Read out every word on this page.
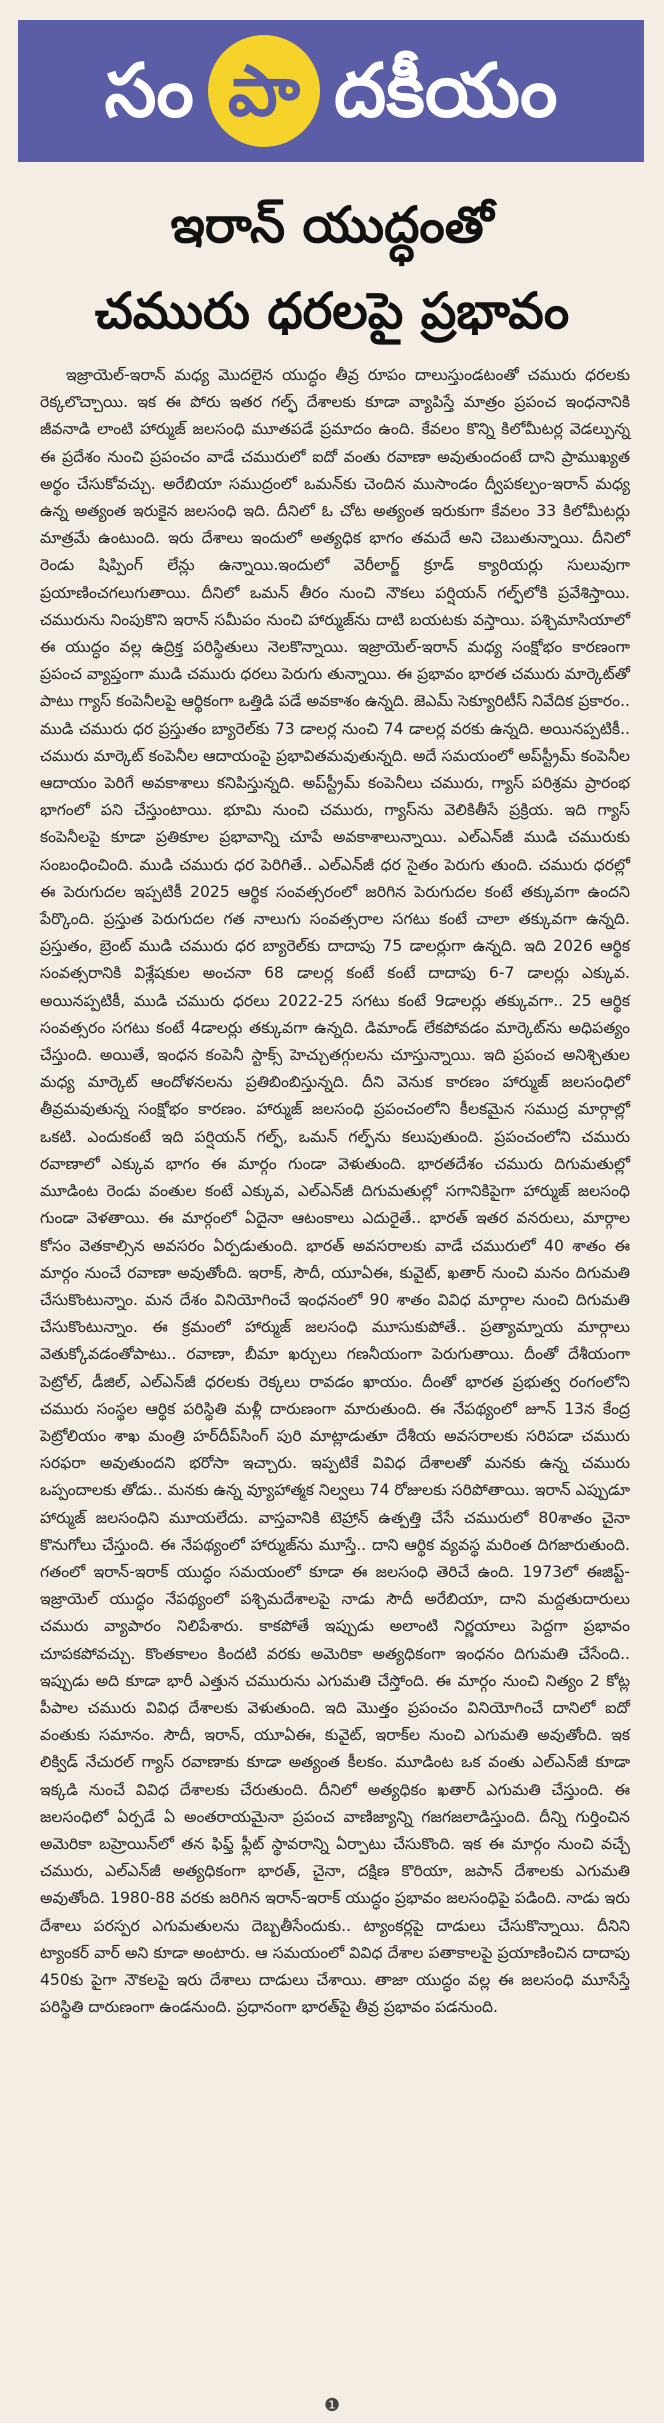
సం పా దకీయం
ఇరాన్ యుద్ధంతో
చమురు ధరలపై ప్రభావం

ఇజ్రాయెల్-ఇరాన్ మధ్య మొదలైన యుద్ధం తీవ్ర రూపం దాలుస్తుండటంతో చమురు ధరలకు రెక్కలొచ్చాయి. ఇక ఈ పోరు ఇతర గల్ఫ్ దేశాలకు కూడా వ్యాపిస్తే మాత్రం ప్రపంచ ఇంధనానికి జీవనాడి లాంటి హార్ముజ్ జలసంధి మూతపడే ప్రమాదం ఉంది. కేవలం కొన్ని కిలోమీటర్ల వెడల్పున్న ఈ ప్రదేశం నుంచి ప్రపంచం వాడే చమురులో ఐదో వంతు రవాణా అవుతుందంటే దాని ప్రాముఖ్యత అర్థం చేసుకోవచ్చు. అరేబియా సముద్రంలో ఒమన్‌కు చెందిన ముసాండం ద్వీపకల్పం-ఇరాన్ మధ్య ఉన్న అత్యంత ఇరుకైన జలసంధి ఇది. దీనిలో ఓ చోట అత్యంత ఇరుకుగా కేవలం 33 కిలోమీటర్లు మాత్రమే ఉంటుంది. ఇరు దేశాలు ఇందులో అత్యధిక భాగం తమదే అని చెబుతున్నాయి. దీనిలో రెండు షిప్పింగ్ లేన్లు ఉన్నాయి.ఇందులో వెరీలార్జ్ క్రూడ్ క్యారియర్లు సులువుగా ప్రయాణించగలుగుతాయి. దీనిలో ఒమన్ తీరం నుంచి నౌకలు పర్షియన్ గల్ఫ్‌లోకి ప్రవేశిస్తాయి. చమురును నింపుకొని ఇరాన్ సమీపం నుంచి హార్ముజ్‌ను దాటి బయటకు వస్తాయి. పశ్చిమాసియాలో ఈ యుద్ధం వల్ల ఉద్రిక్త పరిస్థితులు నెలకొన్నాయి. ఇజ్రాయెల్-ఇరాన్ మధ్య సంక్షోభం కారణంగా ప్రపంచ వ్యాప్తంగా ముడి చమురు ధరలు పెరుగు తున్నాయి. ఈ ప్రభావం భారత చమురు మార్కెట్‌తో పాటు గ్యాస్ కంపెనీలపై ఆర్థికంగా ఒత్తిడి పడే అవకాశం ఉన్నది. జెఎమ్ సెక్యూరిటీస్ నివేదిక ప్రకారం.. ముడి చమురు ధర ప్రస్తుతం బ్యారెల్‌కు 73 డాలర్ల నుంచి 74 డాలర్ల వరకు ఉన్నది. అయినప్పటికీ.. చమురు మార్కెట్ కంపెనీల ఆదాయంపై ప్రభావితమవుతున్నది. అదే సమయంలో అప్‌స్ట్రీమ్ కంపెనీల ఆదాయం పెరిగే అవకాశాలు కనిపిస్తున్నది. అప్‌స్ట్రీమ్ కంపెనీలు చమురు, గ్యాస్ పరిశ్రమ ప్రారంభ భాగంలో పని చేస్తుంటాయి. భూమి నుంచి చమురు, గ్యాస్‌ను వెలికితీసే ప్రక్రియ. ఇది గ్యాస్ కంపెనీలపై కూడా ప్రతికూల ప్రభావాన్ని చూపే అవకాశాలున్నాయి. ఎల్ఎన్‌జీ ముడి చమురుకు సంబంధించింది. ముడి చమురు ధర పెరిగితే.. ఎల్ఎన్‌జీ ధర సైతం పెరుగు తుంది. చమురు ధరల్లో ఈ పెరుగుదల ఇప్పటికీ 2025 ఆర్థిక సంవత్సరంలో జరిగిన పెరుగుదల కంటే తక్కువగా ఉందని పేర్కొంది. ప్రస్తుత పెరుగుదల గత నాలుగు సంవత్సరాల సగటు కంటే చాలా తక్కువగా ఉన్నది. ప్రస్తుతం, బ్రెంట్ ముడి చమురు ధర బ్యారెల్‌కు దాదాపు 75 డాలర్లుగా ఉన్నది. ఇది 2026 ఆర్థిక సంవత్సరానికి విశ్లేషకుల అంచనా 68 డాలర్ల కంటే కంటే దాదాపు 6-7 డాలర్లు ఎక్కువ. అయినప్పటికీ, ముడి చమురు ధరలు 2022-25 సగటు కంటే 9డాలర్లు తక్కువగా.. 25 ఆర్థిక సంవత్సరం సగటు కంటే 4డాలర్లు తక్కువగా ఉన్నది. డిమాండ్ లేకపోవడం మార్కెట్‌ను అధిపత్యం చేస్తుంది. అయితే, ఇంధన కంపెనీ స్టాక్స్ హెచ్చుతగ్గులను చూస్తున్నాయి. ఇది ప్రపంచ అనిశ్చితుల మధ్య మార్కెట్ ఆందోళనలను ప్రతిబింబిస్తున్నది. దీని వెనుక కారణం హార్ముజ్ జలసంధిలో తీవ్రమవుతున్న సంక్షోభం కారణం. హార్ముజ్ జలసంధి ప్రపంచంలోని కీలకమైన సముద్ర మార్గాల్లో ఒకటి. ఎందుకంటే ఇది పర్షియన్ గల్ఫ్, ఒమన్ గల్ఫ్‌ను కలుపుతుంది. ప్రపంచంలోని చమురు రవాణాలో ఎక్కువ భాగం ఈ మార్గం గుండా వెళుతుంది. భారతదేశం చమురు దిగుమతుల్లో మూడింట రెండు వంతుల కంటే ఎక్కువ, ఎల్ఎన్‌జీ దిగుమతుల్లో సగానికిపైగా హార్ముజ్ జలసంధి గుండా వెళతాయి. ఈ మార్గంలో ఏదైనా ఆటంకాలు ఎదురైతే.. భారత్ ఇతర వనరులు, మార్గాల కోసం వెతకాల్సిన అవసరం ఏర్పడుతుంది. భారత్ అవసరాలకు వాడే చమురులో 40 శాతం ఈ మార్గం నుంచే రవాణా అవుతోంది. ఇరాక్, సౌదీ, యూఏఈ, కువైట్, ఖతార్ నుంచి మనం దిగుమతి చేసుకొంటున్నాం. మన దేశం వినియోగించే ఇంధనంలో 90 శాతం వివిధ మార్గాల నుంచి దిగుమతి చేసుకొంటున్నాం. ఈ క్రమంలో హార్ముజ్ జలసంధి మూసుకుపోతే.. ప్రత్యామ్నాయ మార్గాలు వెతుక్కోవడంతోపాటు.. రవాణా, బీమా ఖర్చులు గణనీయంగా పెరుగుతాయి. దీంతో దేశీయంగా పెట్రోల్, డీజిల్, ఎల్ఎన్‌జీ ధరలకు రెక్కలు రావడం ఖాయం. దీంతో భారత ప్రభుత్వ రంగంలోని చమురు సంస్థల ఆర్థిక పరిస్థితి మళ్లీ దారుణంగా మారుతుంది. ఈ నేపథ్యంలో జూన్ 13న కేంద్ర పెట్రోలియం శాఖ మంత్రి హర్‌దీప్‌సింగ్ పురి మాట్లాడుతూ దేశీయ అవసరాలకు సరిపడా చమురు సరఫరా అవుతుందని భరోసా ఇచ్చారు. ఇప్పటికే వివిధ దేశాలతో మనకు ఉన్న చమురు ఒప్పందాలకు తోడు.. మనకు ఉన్న వ్యూహాత్మక నిల్వలు 74 రోజులకు సరిపోతాయి. ఇరాన్ ఎప్పుడూ హార్ముజ్ జలసంధిని మూయలేదు. వాస్తవానికి టెహ్రాన్ ఉత్పత్తి చేసే చమురులో 80శాతం చైనా కొనుగోలు చేస్తుంది. ఈ నేపథ్యంలో హార్ముజ్‌ను మూస్తే.. దాని ఆర్థిక వ్యవస్థ మరింత దిగజారుతుంది. గతంలో ఇరాన్-ఇరాక్ యుద్ధం సమయంలో కూడా ఈ జలసంధి తెరిచే ఉంది. 1973లో ఈజిప్ట్-ఇజ్రాయెల్ యుద్ధం నేపథ్యంలో పశ్చిమదేశాలపై నాడు సౌదీ అరేబియా, దాని మద్దతుదారులు చమురు వ్యాపారం నిలిపేశారు. కాకపోతే ఇప్పుడు అలాంటి నిర్ణయాలు పెద్దగా ప్రభావం చూపకపోవచ్చు. కొంతకాలం కిందటి వరకు అమెరికా అత్యధికంగా ఇంధనం దిగుమతి చేసేంది.. ఇప్పుడు అది కూడా భారీ ఎత్తున చమురును ఎగుమతి చేస్తోంది. ఈ మార్గం నుంచి నిత్యం 2 కోట్ల పీపాల చమురు వివిధ దేశాలకు వెళుతుంది. ఇది మొత్తం ప్రపంచం వినియోగించే దానిలో ఐదో వంతుకు సమానం. సౌదీ, ఇరాన్, యూఏఈ, కువైట్, ఇరాక్‌ల నుంచి ఎగుమతి అవుతోంది. ఇక లిక్విడ్ నేచురల్ గ్యాస్ రవాణాకు కూడా అత్యంత కీలకం. మూడింట ఒక వంతు ఎల్ఎన్‌జీ కూడా ఇక్కడి నుంచే వివిధ దేశాలకు చేరుతుంది. దీనిలో అత్యధికం ఖతార్ ఎగుమతి చేస్తుంది. ఈ జలసంధిలో ఏర్పడే ఏ అంతరాయమైనా ప్రపంచ వాణిజ్యాన్ని గజగజలాడిస్తుంది. దీన్ని గుర్తించిన అమెరికా బహ్రెయిన్‌లో తన ఫిఫ్త్ ఫ్లీట్ స్థావరాన్ని ఏర్పాటు చేసుకొంది. ఇక ఈ మార్గం నుంచి వచ్చే చమురు, ఎల్ఎన్‌జీ అత్యధికంగా భారత్, చైనా, దక్షిణ కొరియా, జపాన్ దేశాలకు ఎగుమతి అవుతోంది. 1980-88 వరకు జరిగిన ఇరాన్-ఇరాక్ యుద్ధం ప్రభావం జలసంధిపై పడింది. నాడు ఇరు దేశాలు పరస్పర ఎగుమతులను దెబ్బతీసేందుకు.. ట్యాంకర్లపై దాడులు చేసుకొన్నాయి. దీనిని ట్యాంకర్ వార్ అని కూడా అంటారు. ఆ సమయంలో వివిధ దేశాల పతాకాలపై ప్రయాణించిన దాదాపు 450కు పైగా నౌకలపై ఇరు దేశాలు దాడులు చేశాయి. తాజా యుద్ధం వల్ల ఈ జలసంధి మూసేస్తే పరిస్థితి దారుణంగా ఉండనుంది. ప్రధానంగా భారత్‌పై తీవ్ర ప్రభావం పడనుంది.

❶
